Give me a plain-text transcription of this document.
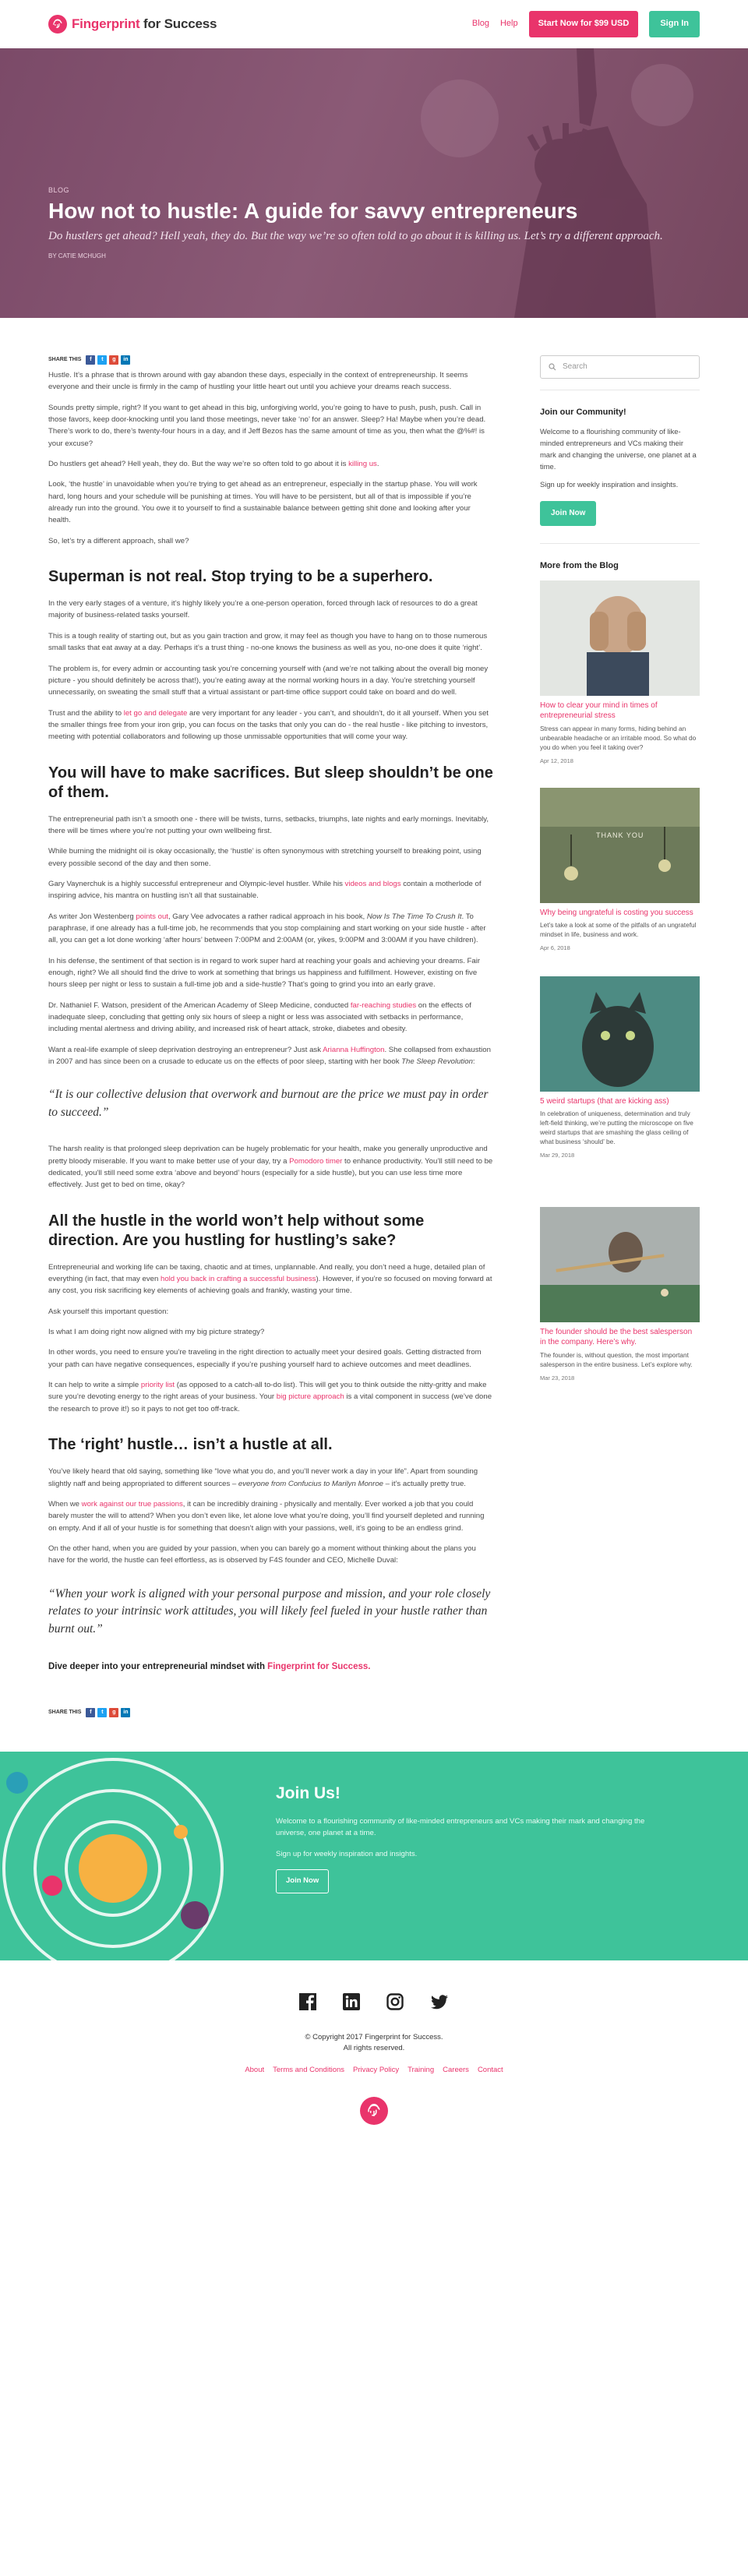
Fingerprint for Success	Blog Help	Start Now for $99 USD	Sign In
BLOG
How not to hustle: A guide for savvy entrepreneurs

Do hustlers get ahead? Hell yeah, they do. But the way we’re so often told to go about it is killing us. Let’s try a different approach.

BY CATIE MCHUGH
SHARE THIS	f	t	g	in

Hustle. It’s a phrase that is thrown around with gay abandon these days, especially in the context of entrepreneurship. It seems everyone and their uncle is firmly in the camp of hustling your little heart out until you achieve your dreams reach success.

Sounds pretty simple, right? If you want to get ahead in this big, unforgiving world, you’re going to have to push, push, push. Call in those favors, keep door-knocking until you land those meetings, never take ‘no’ for an answer. Sleep? Ha! Maybe when you’re dead. There’s work to do, there’s twenty-four hours in a day, and if Jeff Bezos has the same amount of time as you, then what the @%#! is your excuse?

Do hustlers get ahead? Hell yeah, they do. But the way we’re so often told to go about it is killing us.

Look, ‘the hustle’ in unavoidable when you’re trying to get ahead as an entrepreneur, especially in the startup phase. You will work hard, long hours and your schedule will be punishing at times. You will have to be persistent, but all of that is impossible if you’re already run into the ground. You owe it to yourself to find a sustainable balance between getting shit done and looking after your health.

So, let’s try a different approach, shall we?

Superman is not real. Stop trying to be a superhero.

In the very early stages of a venture, it’s highly likely you’re a one-person operation, forced through lack of resources to do a great majority of business-related tasks yourself.

This is a tough reality of starting out, but as you gain traction and grow, it may feel as though you have to hang on to those numerous small tasks that eat away at a day. Perhaps it’s a trust thing - no-one knows the business as well as you, no-one does it quite ‘right’.

The problem is, for every admin or accounting task you’re concerning yourself with (and we’re not talking about the overall big money picture - you should definitely be across that!), you’re eating away at the normal working hours in a day. You’re stretching yourself unnecessarily, on sweating the small stuff that a virtual assistant or part-time office support could take on board and do well.

Trust and the ability to let go and delegate are very important for any leader - you can’t, and shouldn’t, do it all yourself. When you set the smaller things free from your iron grip, you can focus on the tasks that only you can do - the real hustle - like pitching to investors, meeting with potential collaborators and following up those unmissable opportunities that will come your way.

You will have to make sacrifices. But sleep shouldn’t be one of them.

The entrepreneurial path isn’t a smooth one - there will be twists, turns, setbacks, triumphs, late nights and early mornings. Inevitably, there will be times where you’re not putting your own wellbeing first.

While burning the midnight oil is okay occasionally, the ‘hustle’ is often synonymous with stretching yourself to breaking point, using every possible second of the day and then some.

Gary Vaynerchuk is a highly successful entrepreneur and Olympic-level hustler. While his videos and blogs contain a motherlode of inspiring advice, his mantra on hustling isn’t all that sustainable.

As writer Jon Westenberg points out, Gary Vee advocates a rather radical approach in his book, Now Is The Time To Crush It. To paraphrase, if one already has a full-time job, he recommends that you stop complaining and start working on your side hustle - after all, you can get a lot done working ‘after hours’ between 7:00PM and 2:00AM (or, yikes, 9:00PM and 3:00AM if you have children).

In his defense, the sentiment of that section is in regard to work super hard at reaching your goals and achieving your dreams. Fair enough, right? We all should find the drive to work at something that brings us happiness and fulfillment. However, existing on five hours sleep per night or less to sustain a full-time job and a side-hustle? That’s going to grind you into an early grave.

Dr. Nathaniel F. Watson, president of the American Academy of Sleep Medicine, conducted far-reaching studies on the effects of inadequate sleep, concluding that getting only six hours of sleep a night or less was associated with setbacks in performance, including mental alertness and driving ability, and increased risk of heart attack, stroke, diabetes and obesity.

Want a real-life example of sleep deprivation destroying an entrepreneur? Just ask Arianna Huffington. She collapsed from exhaustion in 2007 and has since been on a crusade to educate us on the effects of poor sleep, starting with her book The Sleep Revolution:

“It is our collective delusion that overwork and burnout are the price we must pay in order to succeed.”

The harsh reality is that prolonged sleep deprivation can be hugely problematic for your health, make you generally unproductive and pretty bloody miserable. If you want to make better use of your day, try a Pomodoro timer to enhance productivity. You’ll still need to be dedicated, you’ll still need some extra ‘above and beyond’ hours (especially for a side hustle), but you can use less time more effectively. Just get to bed on time, okay?

All the hustle in the world won’t help without some direction. Are you hustling for hustling’s sake?

Entrepreneurial and working life can be taxing, chaotic and at times, unplannable. And really, you don’t need a huge, detailed plan of everything (in fact, that may even hold you back in crafting a successful business). However, if you’re so focused on moving forward at any cost, you risk sacrificing key elements of achieving goals and frankly, wasting your time.

Ask yourself this important question:

Is what I am doing right now aligned with my big picture strategy?

In other words, you need to ensure you’re traveling in the right direction to actually meet your desired goals. Getting distracted from your path can have negative consequences, especially if you’re pushing yourself hard to achieve outcomes and meet deadlines.

It can help to write a simple priority list (as opposed to a catch-all to-do list). This will get you to think outside the nitty-gritty and make sure you’re devoting energy to the right areas of your business. Your big picture approach is a vital component in success (we’ve done the research to prove it!) so it pays to not get too off-track.

The ‘right’ hustle… isn’t a hustle at all.

You’ve likely heard that old saying, something like “love what you do, and you’ll never work a day in your life”. Apart from sounding slightly naff and being appropriated to different sources – everyone from Confucius to Marilyn Monroe – it’s actually pretty true.

When we work against our true passions, it can be incredibly draining - physically and mentally. Ever worked a job that you could barely muster the will to attend? When you don’t even like, let alone love what you’re doing, you’ll find yourself depleted and running on empty. And if all of your hustle is for something that doesn’t align with your passions, well, it’s going to be an endless grind.

On the other hand, when you are guided by your passion, when you can barely go a moment without thinking about the plans you have for the world, the hustle can feel effortless, as is observed by F4S founder and CEO, Michelle Duval:

“When your work is aligned with your personal purpose and mission, and your role closely relates to your intrinsic work attitudes, you will likely feel fueled in your hustle rather than burnt out.”

Dive deeper into your entrepreneurial mindset with Fingerprint for Success.

SHARE THIS	f	t	g	in
Search
Join our Community!

Welcome to a flourishing community of like-minded entrepreneurs and VCs making their mark and changing the universe, one planet at a time.

Sign up for weekly inspiration and insights.

Join Now
More from the Blog
How to clear your mind in times of entrepreneurial stress
Stress can appear in many forms, hiding behind an unbearable headache or an irritable mood. So what do you do when you feel it taking over?
Apr 12, 2018
THANK YOU
Why being ungrateful is costing you success
Let’s take a look at some of the pitfalls of an ungrateful mindset in life, business and work.
Apr 6, 2018
5 weird startups (that are kicking ass)
In celebration of uniqueness, determination and truly left-field thinking, we’re putting the microscope on five weird startups that are smashing the glass ceiling of what business ‘should’ be.
Mar 29, 2018
The founder should be the best salesperson in the company. Here’s why.
The founder is, without question, the most important salesperson in the entire business. Let’s explore why.
Mar 23, 2018
Join Us!

Welcome to a flourishing community of like-minded entrepreneurs and VCs making their mark and changing the universe, one planet at a time.

Sign up for weekly inspiration and insights.

Join Now
© Copyright 2017 Fingerprint for Success.
All rights reserved.
About Terms and Conditions Privacy Policy Training Careers Contact
